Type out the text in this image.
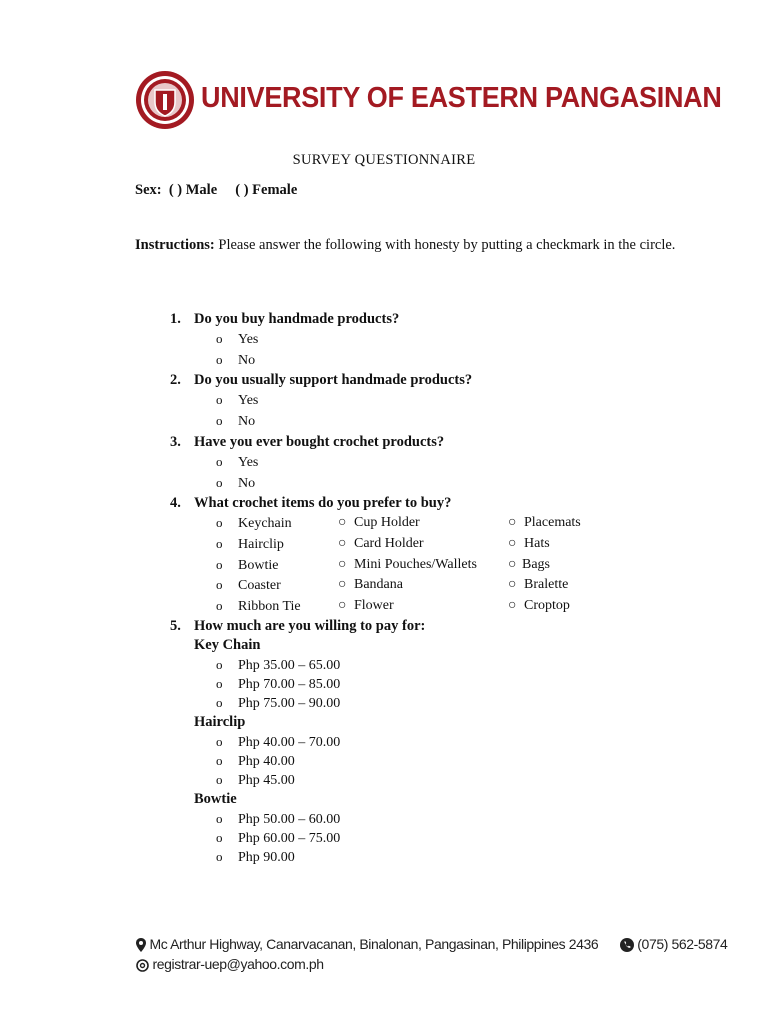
UNIVERSITY OF EASTERN PANGASINAN
SURVEY QUESTIONNAIRE
Sex:  ( ) Male     ( ) Female
Instructions: Please answer the following with honesty by putting a checkmark in the circle.
1. Do you buy handmade products?
o Yes
o No
2. Do you usually support handmade products?
o Yes
o No
3. Have you ever bought crochet products?
o Yes
o No
4. What crochet items do you prefer to buy?
o Keychain
o Hairclip
o Bowtie
o Coaster
o Ribbon Tie
○ Cup Holder
○ Card Holder
○ Mini Pouches/Wallets
○ Bandana
○ Flower
○ Placemats
○ Hats
○ Bags
○ Bralette
○ Croptop
5. How much are you willing to pay for:
Key Chain
o Php 35.00 – 65.00
o Php 70.00 – 85.00
o Php 75.00 – 90.00
Hairclip
o Php 40.00 – 70.00
o Php 40.00
o Php 45.00
Bowtie
o Php 50.00 – 60.00
o Php 60.00 – 75.00
o Php 90.00
Mc Arthur Highway, Canarvacanan, Binalonan, Pangasinan, Philippines 2436	(075) 562-5874
registrar-uep@yahoo.com.ph
